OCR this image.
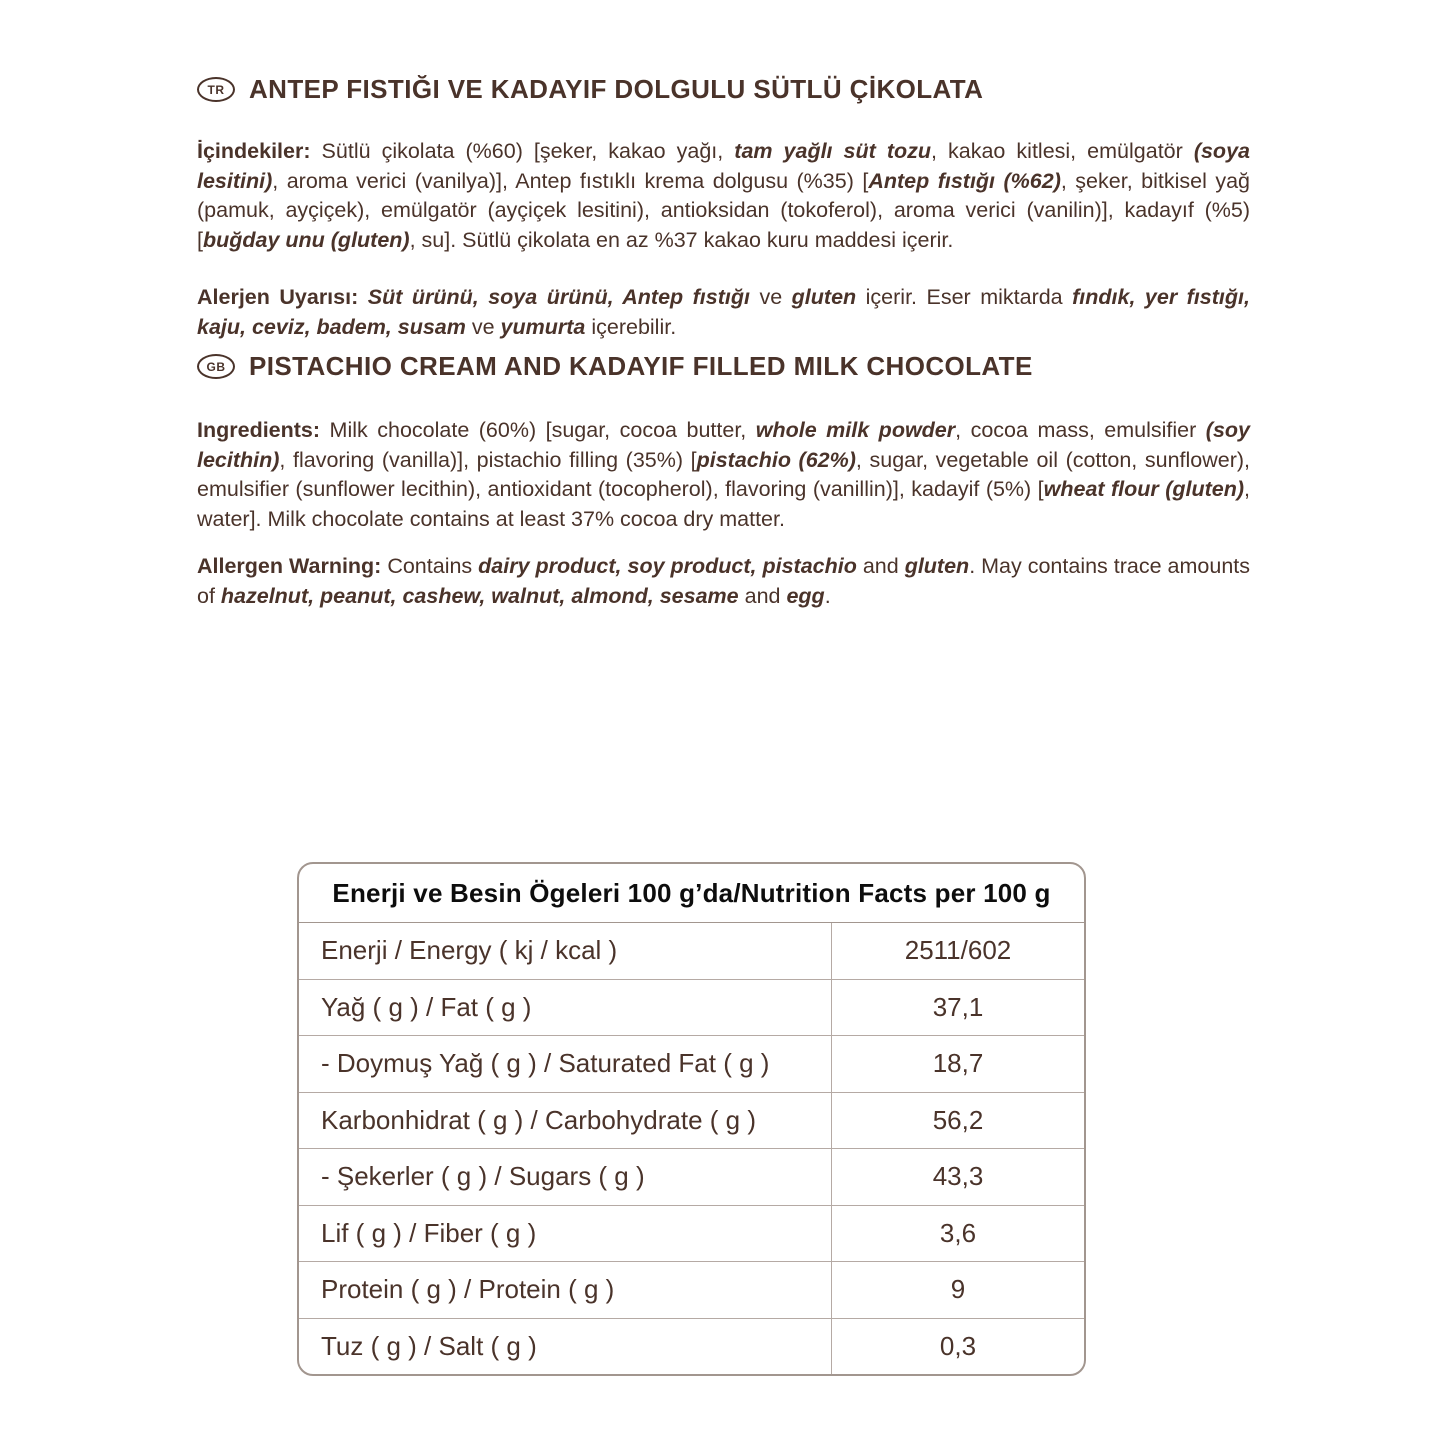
TR ANTEP FISTIĞI VE KADAYIF DOLGULU SÜTLÜ ÇİKOLATA

İçindekiler: Sütlü çikolata (%60) [şeker, kakao yağı, tam yağlı süt tozu, kakao kitlesi, emülgatör (soya lesitini), aroma verici (vanilya)], Antep fıstıklı krema dolgusu (%35) [Antep fıstığı (%62), şeker, bitkisel yağ (pamuk, ayçiçek), emülgatör (ayçiçek lesitini), antioksidan (tokoferol), aroma verici (vanilin)], kadayıf (%5) [buğday unu (gluten), su]. Sütlü çikolata en az %37 kakao kuru maddesi içerir.

Alerjen Uyarısı: Süt ürünü, soya ürünü, Antep fıstığı ve gluten içerir. Eser miktarda fındık, yer fıstığı, kaju, ceviz, badem, susam ve yumurta içerebilir.

GB PISTACHIO CREAM AND KADAYIF FILLED MILK CHOCOLATE

Ingredients: Milk chocolate (60%) [sugar, cocoa butter, whole milk powder, cocoa mass, emulsifier (soy lecithin), flavoring (vanilla)], pistachio filling (35%) [pistachio (62%), sugar, vegetable oil (cotton, sunflower), emulsifier (sunflower lecithin), antioxidant (tocopherol), flavoring (vanillin)], kadayif (5%) [wheat flour (gluten), water]. Milk chocolate contains at least 37% cocoa dry matter.

Allergen Warning: Contains dairy product, soy product, pistachio and gluten. May contains trace amounts of hazelnut, peanut, cashew, walnut, almond, sesame and egg.

Enerji ve Besin Ögeleri 100 g’da/Nutrition Facts per 100 g
Enerji / Energy ( kj / kcal )	2511/602
Yağ ( g ) / Fat ( g )	37,1
- Doymuş Yağ ( g ) / Saturated Fat ( g )	18,7
Karbonhidrat ( g ) / Carbohydrate ( g )	56,2
- Şekerler ( g ) / Sugars ( g )	43,3
Lif ( g ) / Fiber ( g )	3,6
Protein ( g ) / Protein ( g )	9
Tuz ( g ) / Salt ( g )	0,3
